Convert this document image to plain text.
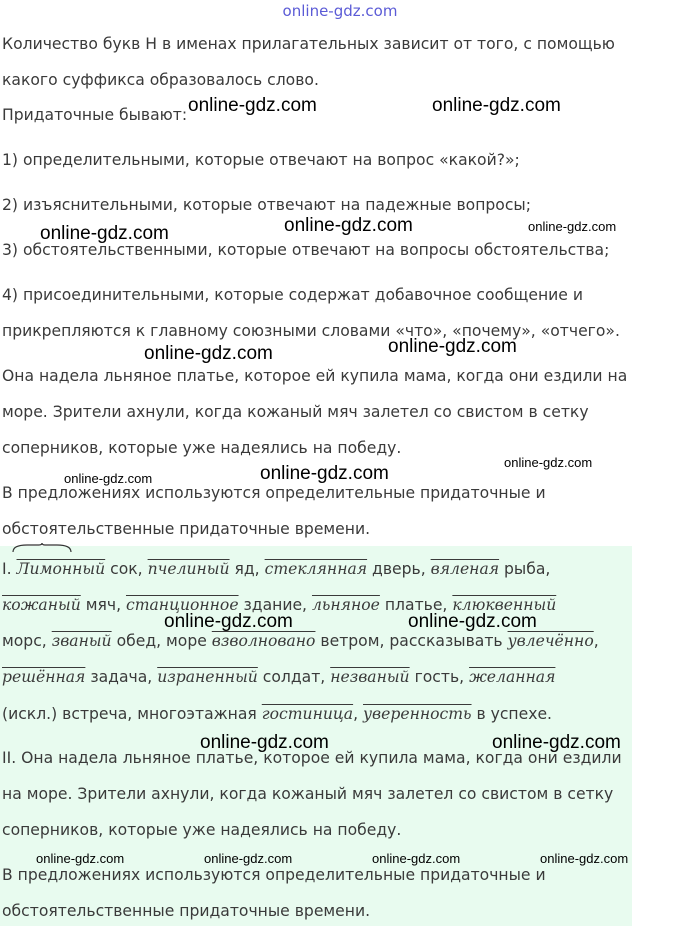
online-gdz.com
Количество букв Н в именах прилагательных зависит от того, с помощью
какого суффикса образовалось слово.
Придаточные бывают:
1) определительными, которые отвечают на вопрос «какой?»;
2) изъяснительными, которые отвечают на падежные вопросы;
3) обстоятельственными, которые отвечают на вопросы обстоятельства;
4) присоединительными, которые содержат добавочное сообщение и
прикрепляются к главному союзными словами «что», «почему», «отчего».
Она надела льняное платье, которое ей купила мама, когда они ездили на
море. Зрители ахнули, когда кожаный мяч залетел со свистом в сетку
соперников, которые уже надеялись на победу.
В предложениях используются определительные придаточные и
обстоятельственные придаточные времени.
I. Лимонный сок, пчелиный яд, стеклянная дверь, вяленая рыба,
кожаный мяч, станционное здание, льняное платье, клюквенный
морс, званый обед, море взволновано ветром, рассказывать увлечённо,
решённая задача, израненный солдат, незваный гость, желанная
(искл.) встреча, многоэтажная гостиница, уверенность в успехе.
II. Она надела льняное платье, которое ей купила мама, когда они ездили
на море. Зрители ахнули, когда кожаный мяч залетел со свистом в сетку
соперников, которые уже надеялись на победу.
В предложениях используются определительные придаточные и
обстоятельственные придаточные времени.
online-gdz.com	online-gdz.com
online-gdz.com
online-gdz.com	online-gdz.com
online-gdz.com
online-gdz.com
online-gdz.com
online-gdz.com
online-gdz.com
online-gdz.com	online-gdz.com
online-gdz.com	online-gdz.com
online-gdz.com	online-gdz.com	online-gdz.com	online-gdz.com
